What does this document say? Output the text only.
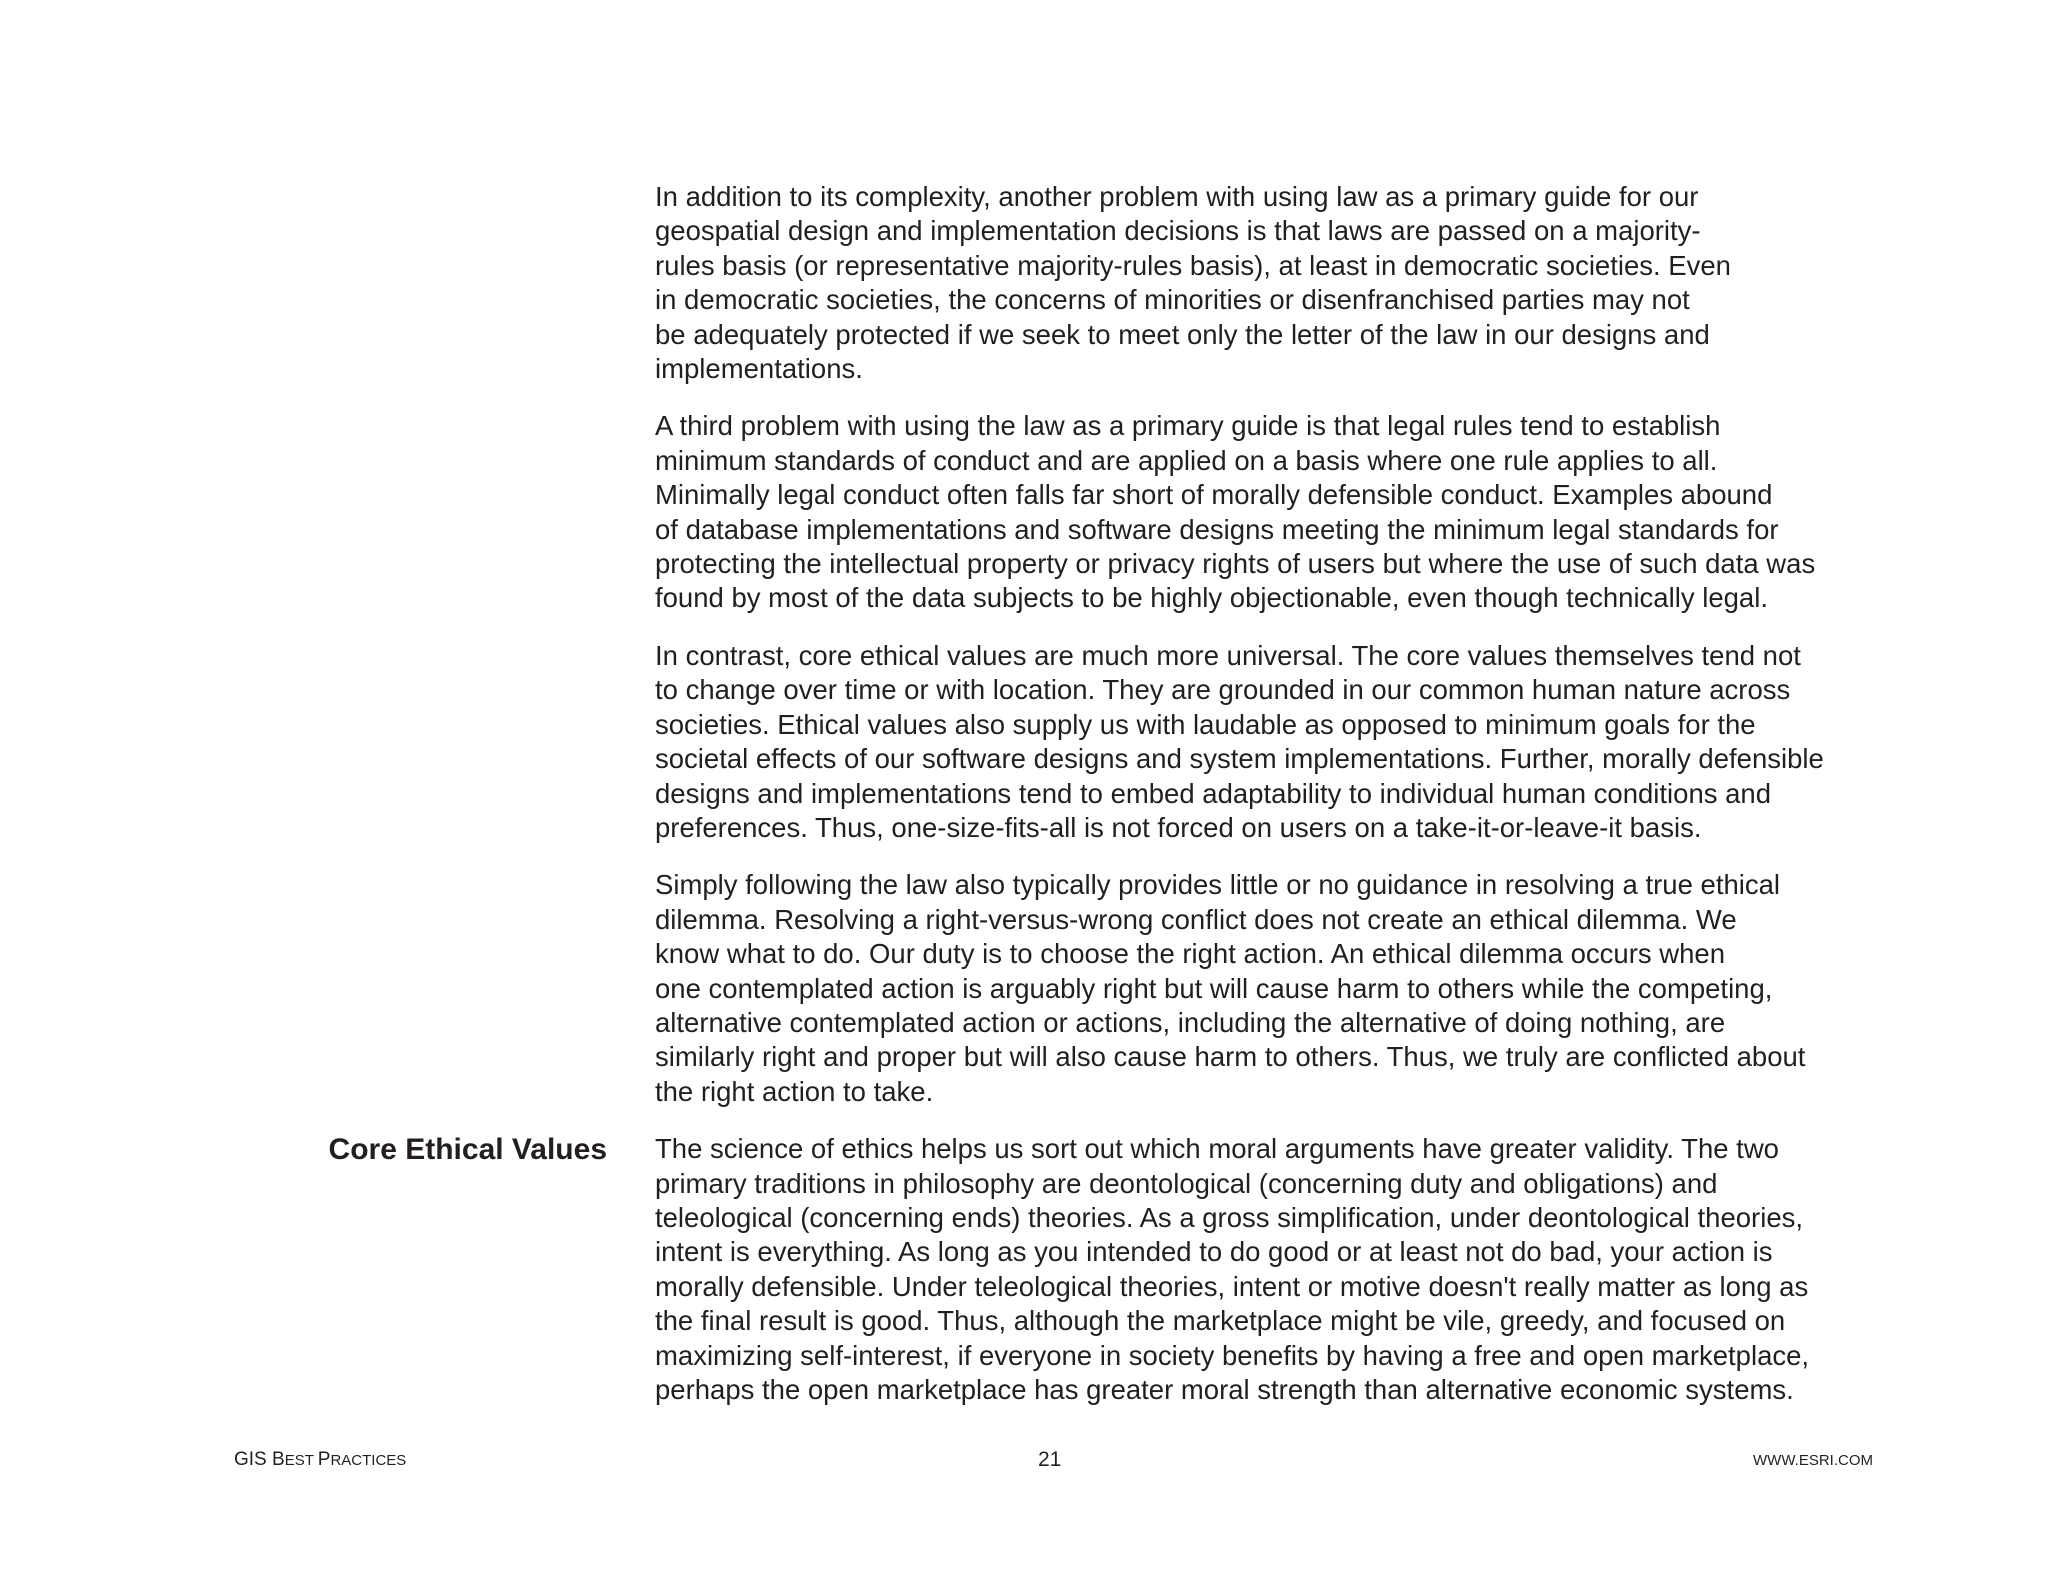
In addition to its complexity, another problem with using law as a primary guide for our
geospatial design and implementation decisions is that laws are passed on a majority-
rules basis (or representative majority-rules basis), at least in democratic societies. Even
in democratic societies, the concerns of minorities or disenfranchised parties may not
be adequately protected if we seek to meet only the letter of the law in our designs and
implementations.

A third problem with using the law as a primary guide is that legal rules tend to establish
minimum standards of conduct and are applied on a basis where one rule applies to all.
Minimally legal conduct often falls far short of morally defensible conduct. Examples abound
of database implementations and software designs meeting the minimum legal standards for
protecting the intellectual property or privacy rights of users but where the use of such data was
found by most of the data subjects to be highly objectionable, even though technically legal.

In contrast, core ethical values are much more universal. The core values themselves tend not
to change over time or with location. They are grounded in our common human nature across
societies. Ethical values also supply us with laudable as opposed to minimum goals for the
societal effects of our software designs and system implementations. Further, morally defensible
designs and implementations tend to embed adaptability to individual human conditions and
preferences. Thus, one-size-fits-all is not forced on users on a take-it-or-leave-it basis.

Simply following the law also typically provides little or no guidance in resolving a true ethical
dilemma. Resolving a right-versus-wrong conflict does not create an ethical dilemma. We
know what to do. Our duty is to choose the right action. An ethical dilemma occurs when
one contemplated action is arguably right but will cause harm to others while the competing,
alternative contemplated action or actions, including the alternative of doing nothing, are
similarly right and proper but will also cause harm to others. Thus, we truly are conflicted about
the right action to take.

The science of ethics helps us sort out which moral arguments have greater validity. The two
primary traditions in philosophy are deontological (concerning duty and obligations) and
teleological (concerning ends) theories. As a gross simplification, under deontological theories,
intent is everything. As long as you intended to do good or at least not do bad, your action is
morally defensible. Under teleological theories, intent or motive doesn't really matter as long as
the final result is good. Thus, although the marketplace might be vile, greedy, and focused on
maximizing self-interest, if everyone in society benefits by having a free and open marketplace,
perhaps the open marketplace has greater moral strength than alternative economic systems.

Core Ethical Values
GIS BEST PRACTICES	21	WWW.ESRI.COM
